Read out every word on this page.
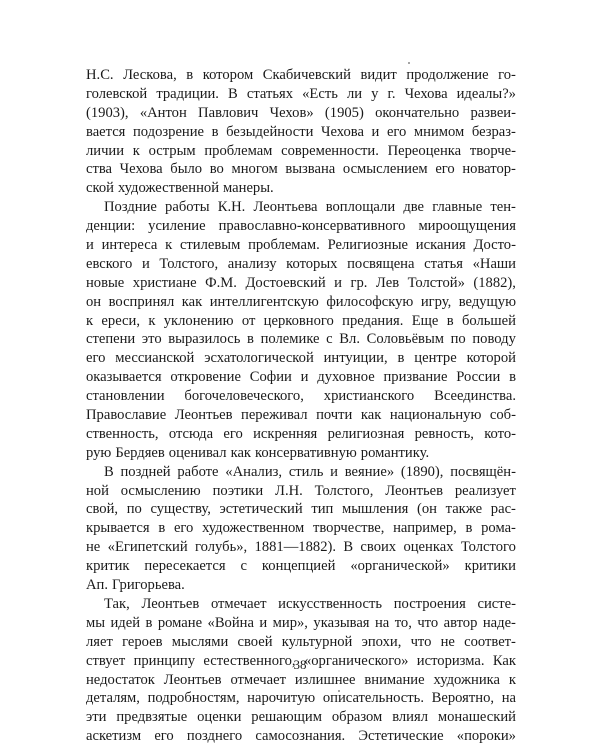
Н.С. Лескова, в котором Скабичевский видит продолжение го-
голевской традиции. В статьях «Есть ли у г. Чехова идеалы?»
(1903), «Антон Павлович Чехов» (1905) окончательно развеи-
вается подозрение в безыдейности Чехова и его мнимом безраз-
личии к острым проблемам современности. Переоценка творче-
ства Чехова было во многом вызвана осмыслением его новатор-
ской художественной манеры.
Поздние работы К.Н. Леонтьева воплощали две главные тен-
денции: усиление православно-консервативного мироощущения
и интереса к стилевым проблемам. Религиозные искания Досто-
евского и Толстого, анализу которых посвящена статья «Наши
новые христиане Ф.М. Достоевский и гр. Лев Толстой» (1882),
он воспринял как интеллигентскую философскую игру, ведущую
к ереси, к уклонению от церковного предания. Еще в большей
степени это выразилось в полемике с Вл. Соловьёвым по поводу
его мессианской эсхатологической интуиции, в центре которой
оказывается откровение Софии и духовное призвание России в
становлении богочеловеческого, христианского Всеединства.
Православие Леонтьев переживал почти как национальную соб-
ственность, отсюда его искренняя религиозная ревность, кото-
рую Бердяев оценивал как консервативную романтику.
В поздней работе «Анализ, стиль и веяние» (1890), посвящён-
ной осмыслению поэтики Л.Н. Толстого, Леонтьев реализует
свой, по существу, эстетический тип мышления (он также рас-
крывается в его художественном творчестве, например, в рома-
не «Египетский голубь», 1881—1882). В своих оценках Толстого
критик пересекается с концепцией «органической» критики
Ап. Григорьева.
Так, Леонтьев отмечает искусственность построения систе-
мы идей в романе «Война и мир», указывая на то, что автор наде-
ляет героев мыслями своей культурной эпохи, что не соответ-
ствует принципу естественного, «органического» историзма. Как
недостаток Леонтьев отмечает излишнее внимание художника к
деталям, подробностям, нарочитую описательность. Вероятно, на
эти предвзятые оценки решающим образом влиял монашеский
аскетизм его позднего самосознания. Эстетические «пороки»
38
